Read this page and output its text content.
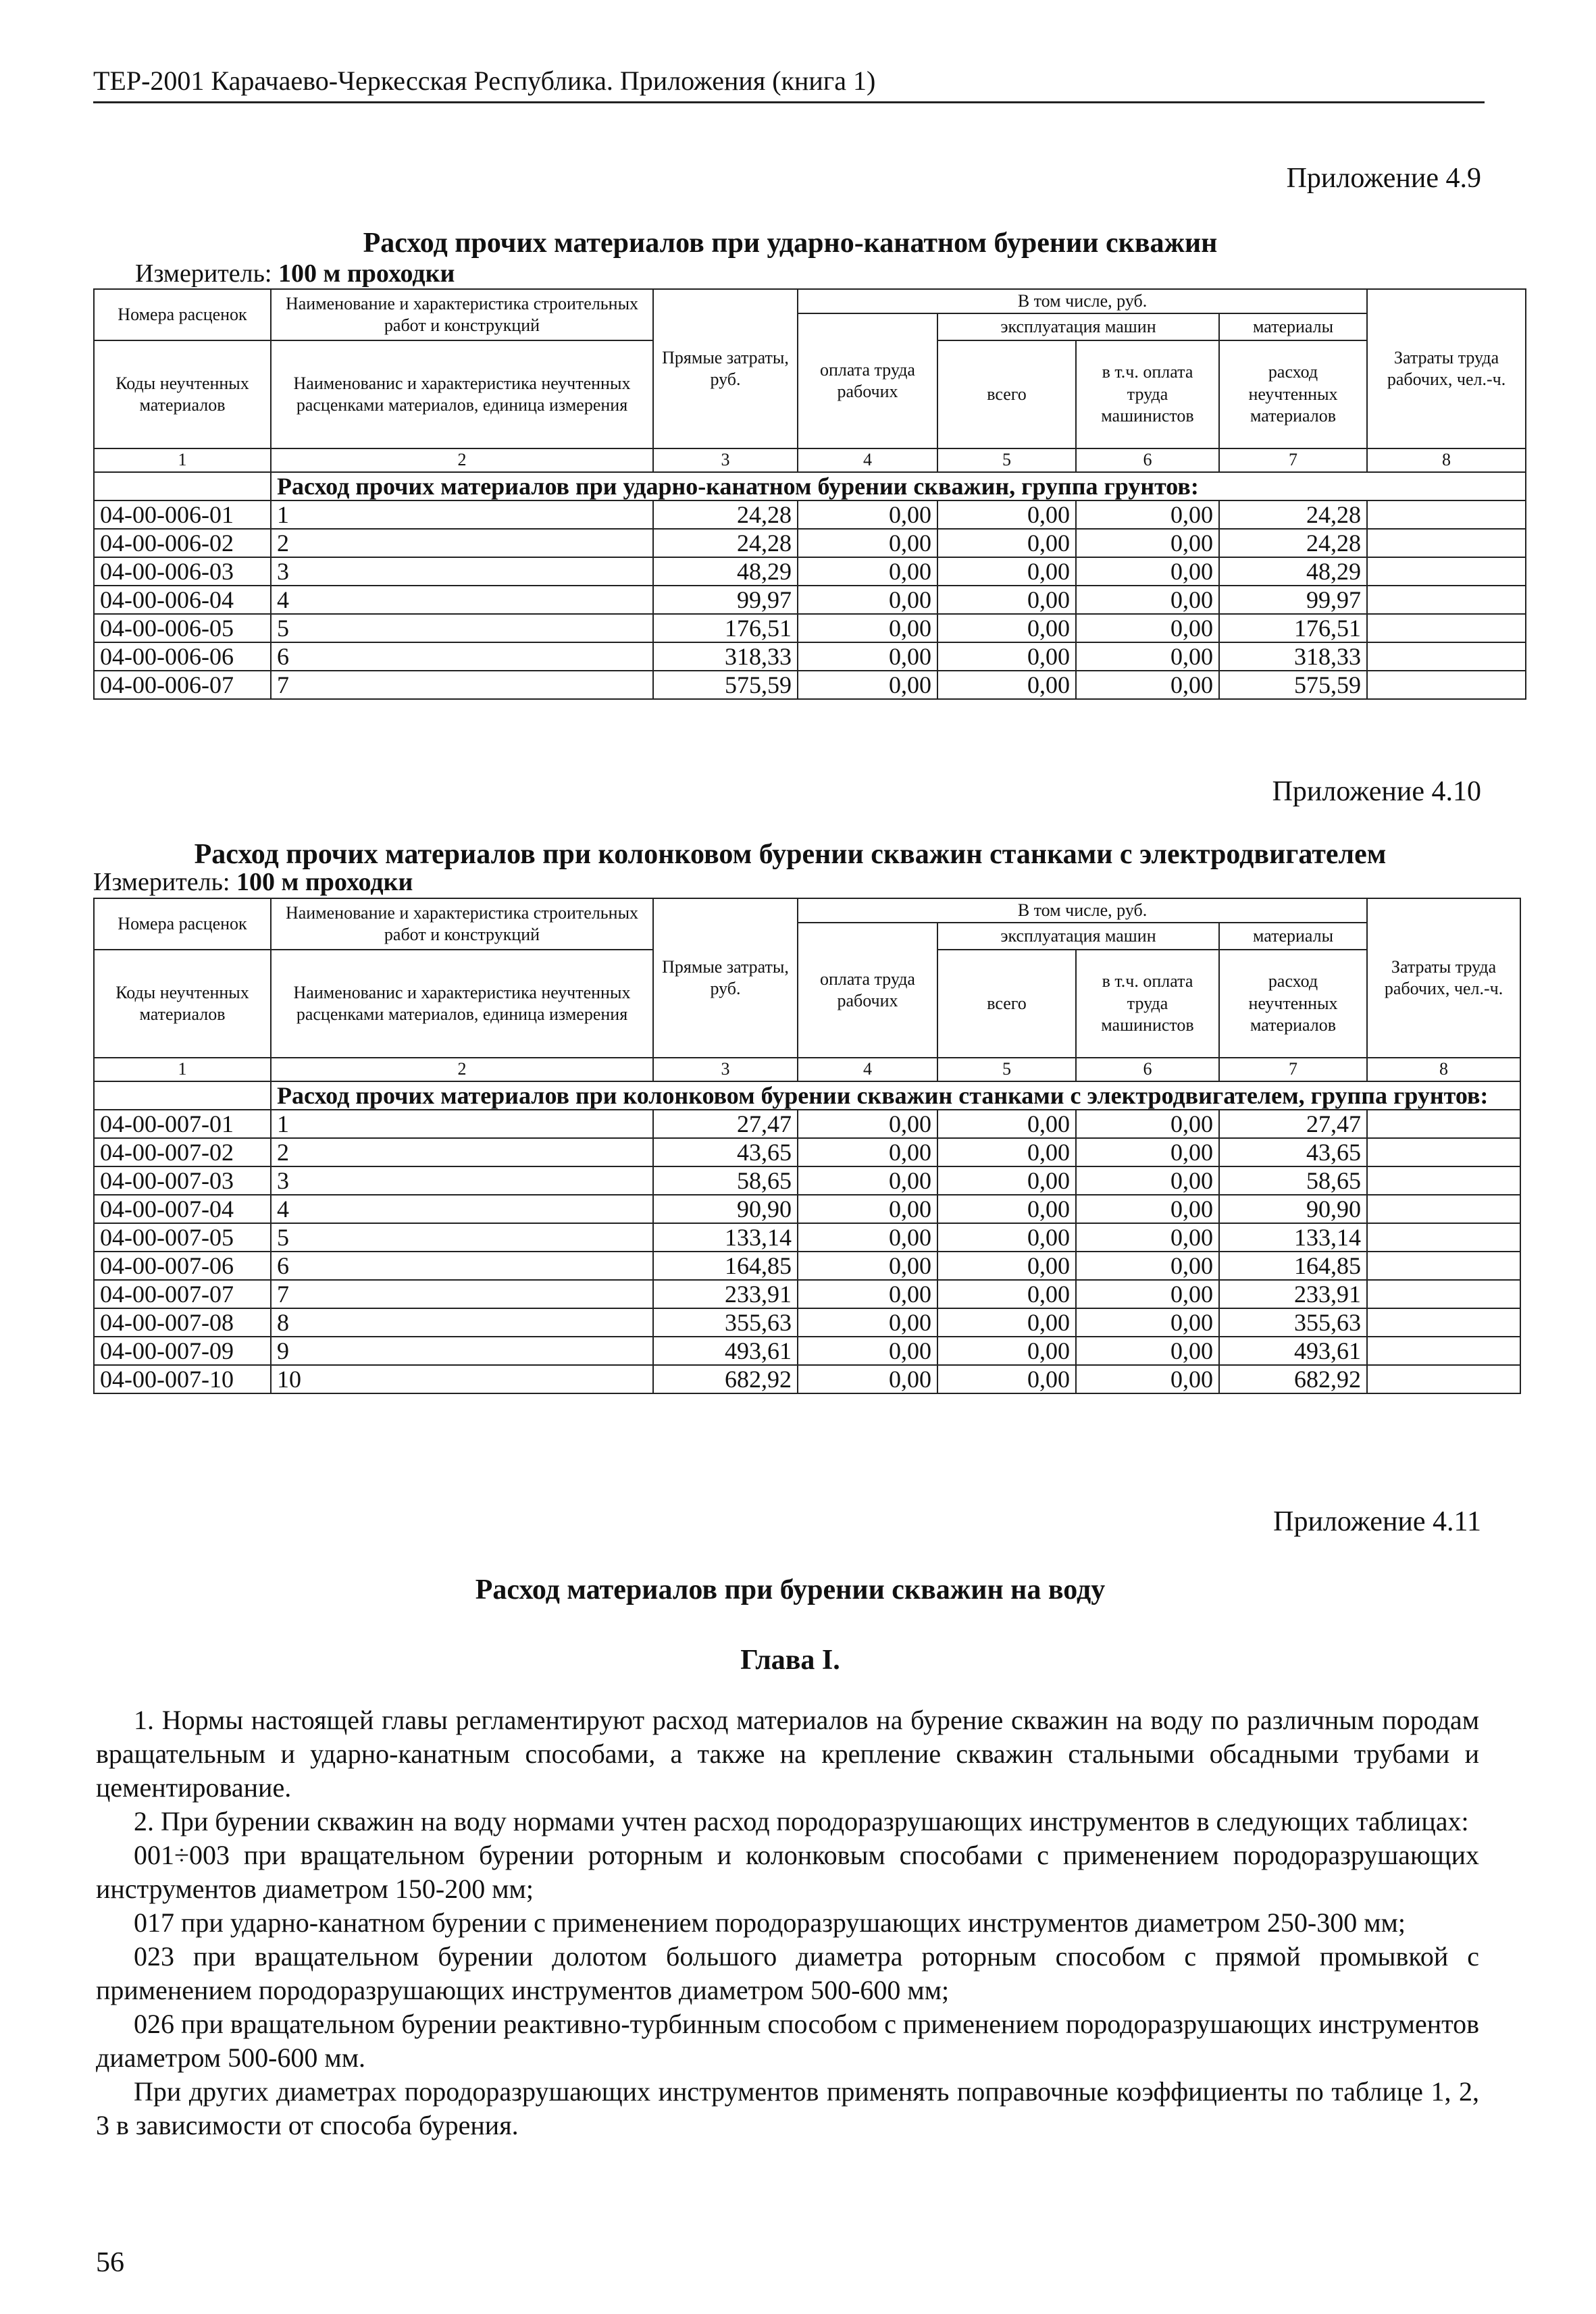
ТЕР-2001 Карачаево-Черкесская Республика. Приложения (книга 1)
Приложение 4.9
Расход прочих материалов при ударно-канатном бурении скважин
Измеритель: 100 м проходки
Номера расценок	Наименование и характеристика строительных работ и конструкций	Прямые затраты, руб.	В том числе, руб.				Затраты труда рабочих, чел.-ч.
			оплата труда рабочих	эксплуатация машин		материалы	
Коды неучтенных материалов	Наименованис и характеристика неучтенных расценками материалов, единица измерения			всего	в т.ч. оплата труда машинистов	расход неучтенных материалов	

1	2	3	4	5	6	7	8
	Расход прочих материалов при ударно-канатном бурении скважин, группа грунтов:						
04-00-006-01	1	24,28	0,00	0,00	0,00	24,28	
04-00-006-02	2	24,28	0,00	0,00	0,00	24,28	
04-00-006-03	3	48,29	0,00	0,00	0,00	48,29	
04-00-006-04	4	99,97	0,00	0,00	0,00	99,97	
04-00-006-05	5	176,51	0,00	0,00	0,00	176,51	
04-00-006-06	6	318,33	0,00	0,00	0,00	318,33	
04-00-006-07	7	575,59	0,00	0,00	0,00	575,59	
Приложение 4.10
Расход прочих материалов при колонковом бурении скважин станками с электродвигателем
Измеритель: 100 м проходки
Номера расценок	Наименование и характеристика строительных работ и конструкций	Прямые затраты, руб.	В том числе, руб.				Затраты труда рабочих, чел.-ч.
			оплата труда рабочих	эксплуатация машин		материалы	
Коды неучтенных материалов	Наименованис и характеристика неучтенных расценками материалов, единица измерения			всего	в т.ч. оплата труда машинистов	расход неучтенных материалов	

1	2	3	4	5	6	7	8
	Расход прочих материалов при колонковом бурении скважин станками с электродвигателем, группа грунтов:						
04-00-007-01	1	27,47	0,00	0,00	0,00	27,47	
04-00-007-02	2	43,65	0,00	0,00	0,00	43,65	
04-00-007-03	3	58,65	0,00	0,00	0,00	58,65	
04-00-007-04	4	90,90	0,00	0,00	0,00	90,90	
04-00-007-05	5	133,14	0,00	0,00	0,00	133,14	
04-00-007-06	6	164,85	0,00	0,00	0,00	164,85	
04-00-007-07	7	233,91	0,00	0,00	0,00	233,91	
04-00-007-08	8	355,63	0,00	0,00	0,00	355,63	
04-00-007-09	9	493,61	0,00	0,00	0,00	493,61	
04-00-007-10	10	682,92	0,00	0,00	0,00	682,92	
Приложение 4.11
Расход материалов при бурении скважин на воду
Глава I.

1. Нормы настоящей главы регламентируют расход материалов на бурение скважин на воду по различным породам вращательным и ударно-канатным способами, а также на крепление скважин стальными обсадными трубами и цементирование.

2. При бурении скважин на воду нормами учтен расход породоразрушающих инструментов в следующих таблицах:

001÷003 при вращательном бурении роторным и колонковым способами с применением породоразрушающих инструментов диаметром 150-200 мм;

017 при ударно-канатном бурении с применением породоразрушающих инструментов диаметром 250-300 мм;

023 при вращательном бурении долотом большого диаметра роторным способом с прямой промывкой с применением породоразрушающих инструментов диаметром 500-600 мм;

026 при вращательном бурении реактивно-турбинным способом с применением породоразрушающих инструментов диаметром 500-600 мм.

При других диаметрах породоразрушающих инструментов применять поправочные коэффициенты по таблице 1, 2, 3 в зависимости от способа бурения.

56
